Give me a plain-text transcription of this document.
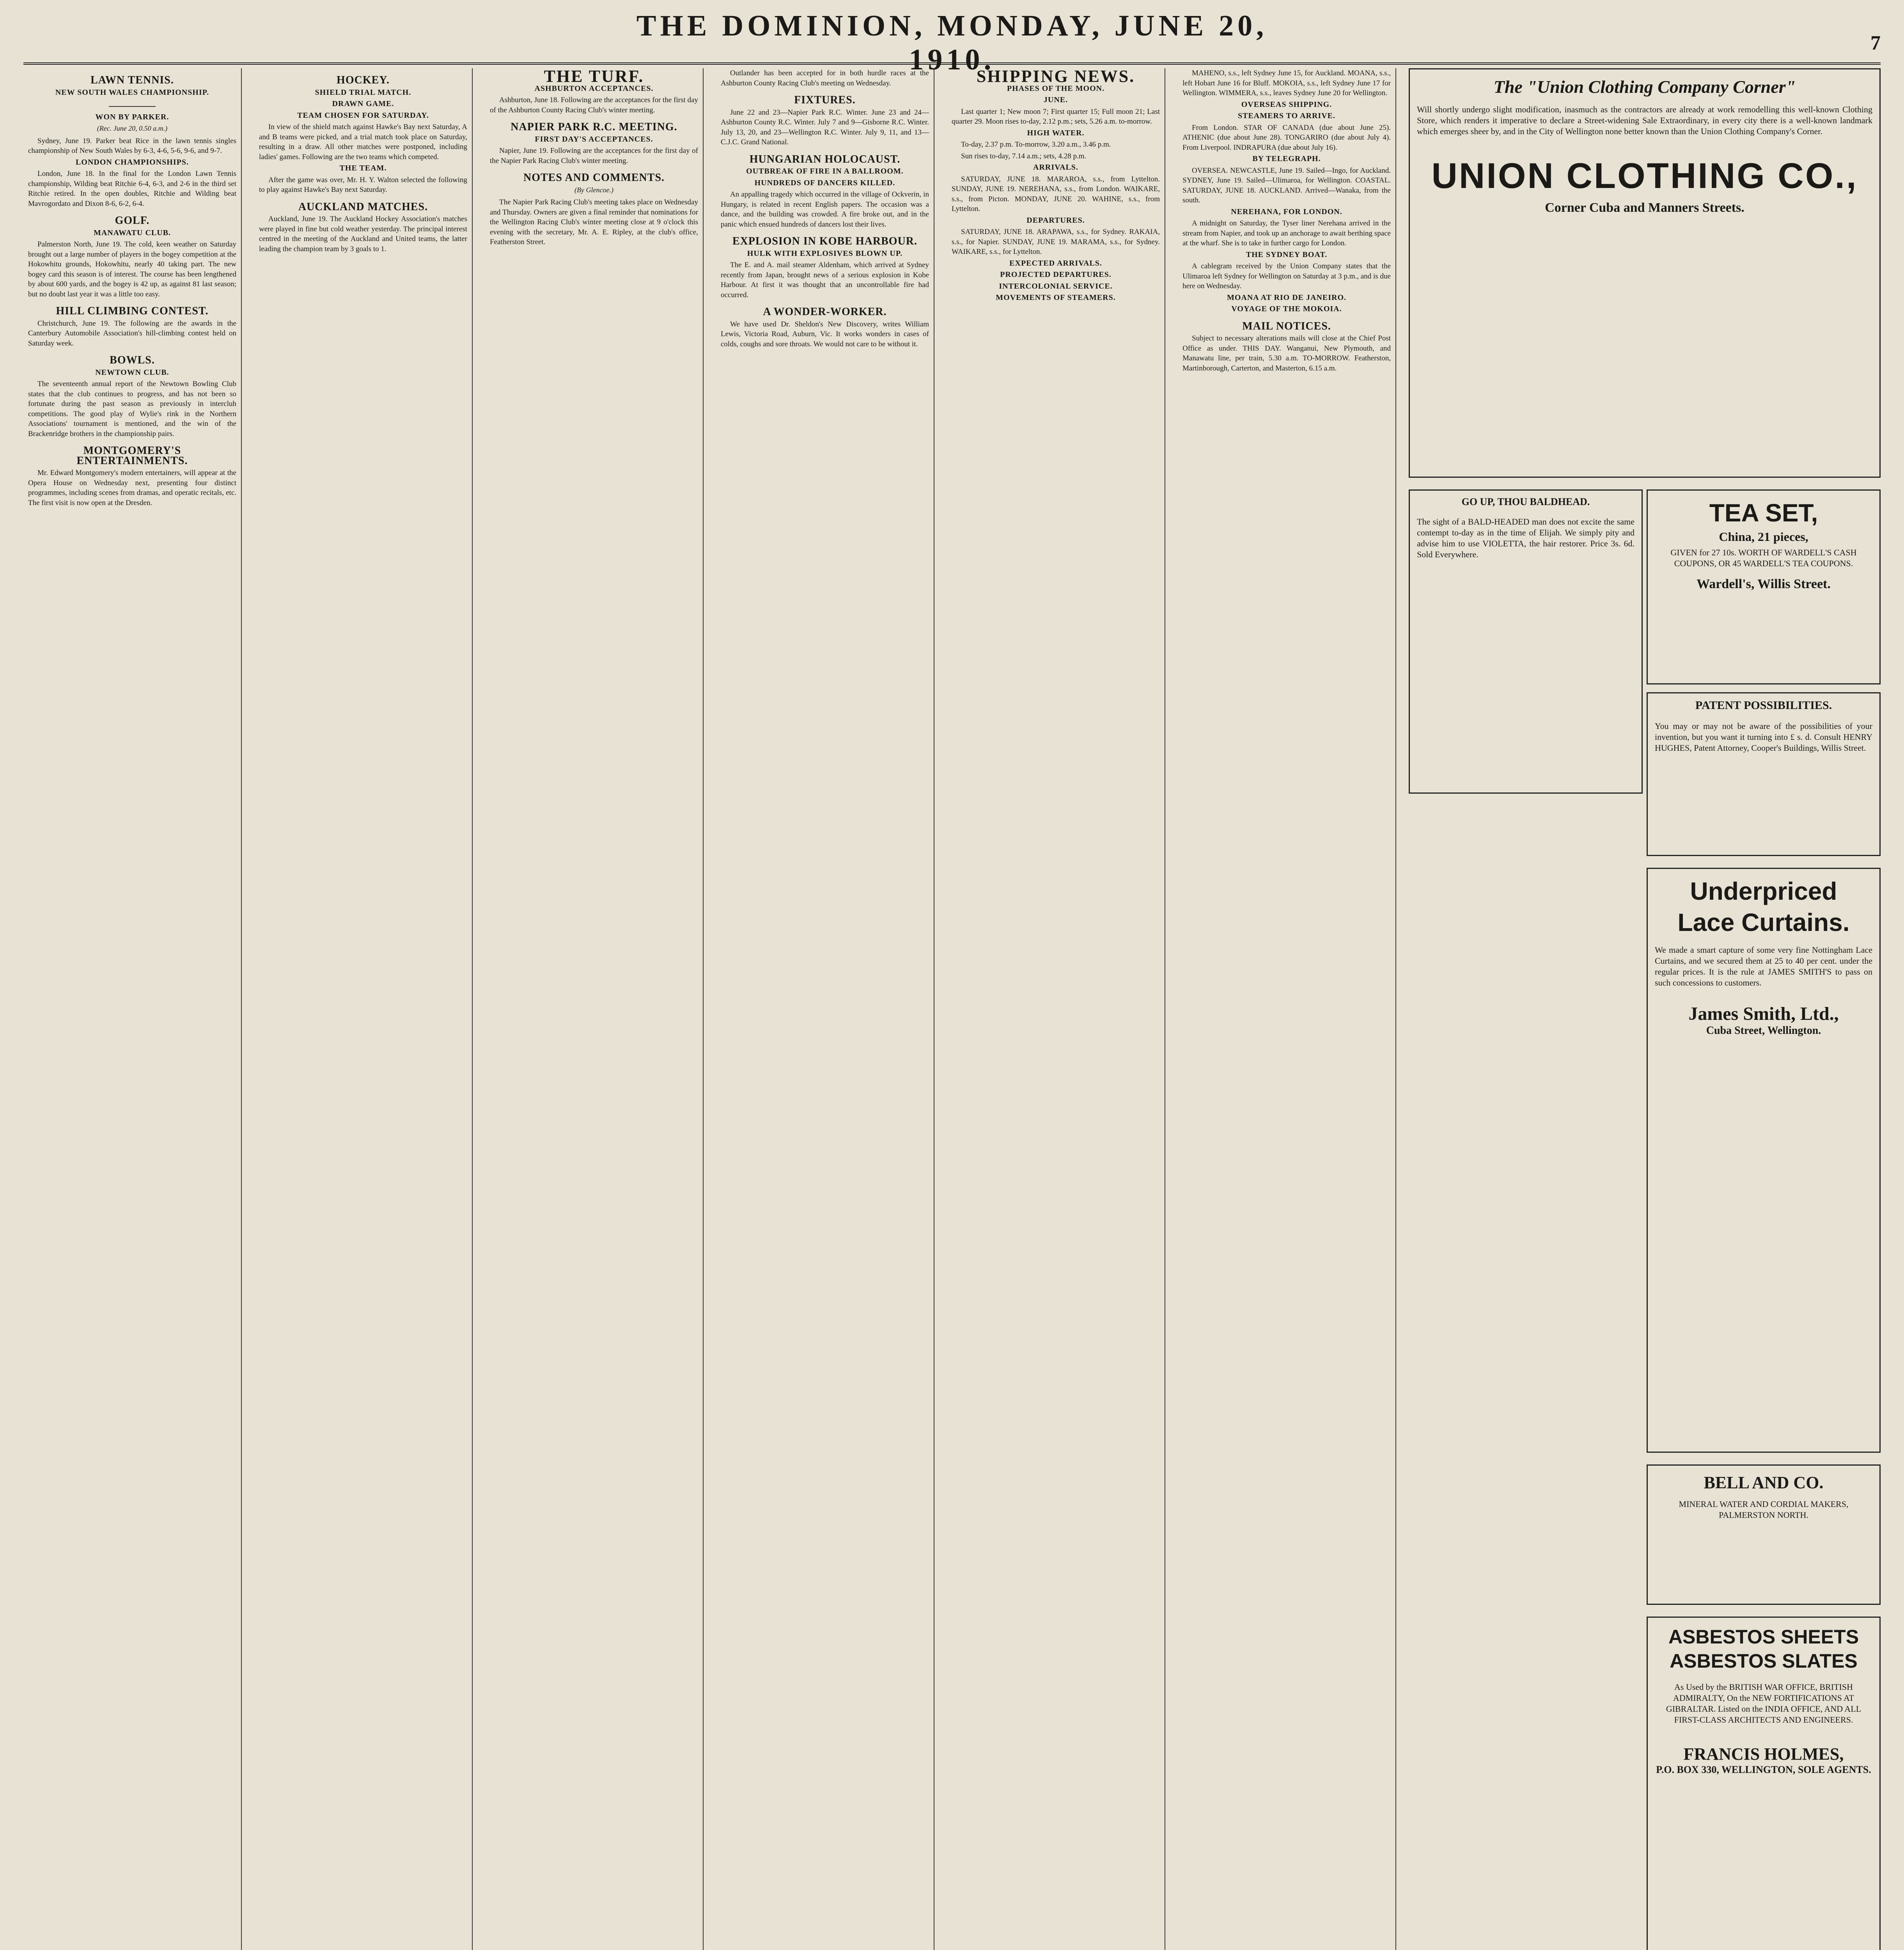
THE DOMINION, MONDAY, JUNE 20, 1910.
7
LAWN TENNIS.
NEW SOUTH WALES CHAMPIONSHIP.
WON BY PARKER.
(Rec. June 20, 0.50 a.m.)

Sydney, June 19. Parker beat Rice in the lawn tennis singles championship of New South Wales by 6-3, 4-6, 5-6, 9-6, and 9-7.

LONDON CHAMPIONSHIPS.

London, June 18. In the final for the London Lawn Tennis championship, Wilding beat Ritchie 6-4, 6-3, and 2-6 in the third set Ritchie retired. In the open doubles, Ritchie and Wilding beat Mavrogordato and Dixon 8-6, 6-2, 6-4.

GOLF.
MANAWATU CLUB.

Palmerston North, June 19. The cold, keen weather on Saturday brought out a large number of players in the bogey competition at the Hokowhitu grounds, Hokowhitu, nearly 40 taking part. The new bogey card this season is of interest. The course has been lengthened by about 600 yards, and the bogey is 42 up, as against 81 last season; but no doubt last year it was a little too easy.

HILL CLIMBING CONTEST.

Christchurch, June 19. The following are the awards in the Canterbury Automobile Association's hill-climbing contest held on Saturday week.

BOWLS.
NEWTOWN CLUB.

The seventeenth annual report of the Newtown Bowling Club states that the club continues to progress, and has not been so fortunate during the past season as previously in intercluh competitions. The good play of Wylie's rink in the Northern Associations' tournament is mentioned, and the win of the Brackenridge brothers in the championship pairs.

MONTGOMERY'S ENTERTAINMENTS.

Mr. Edward Montgomery's modern entertainers, will appear at the Opera House on Wednesday next, presenting four distinct programmes, including scenes from dramas, and operatic recitals, etc. The first visit is now open at the Dresden.

HOCKEY.
SHIELD TRIAL MATCH.
DRAWN GAME.
TEAM CHOSEN FOR SATURDAY.

In view of the shield match against Hawke's Bay next Saturday, A and B teams were picked, and a trial match took place on Saturday, resulting in a draw. All other matches were postponed, including ladies' games. Following are the two teams which competed.

THE TEAM.

After the game was over, Mr. H. Y. Walton selected the following to play against Hawke's Bay next Saturday.

AUCKLAND MATCHES.

Auckland, June 19. The Auckland Hockey Association's matches were played in fine but cold weather yesterday. The principal interest centred in the meeting of the Auckland and United teams, the latter leading the champion team by 3 goals to 1.

THE TURF.
ASHBURTON ACCEPTANCES.

Ashburton, June 18. Following are the acceptances for the first day of the Ashburton County Racing Club's winter meeting.

NAPIER PARK R.C. MEETING.
FIRST DAY'S ACCEPTANCES.

Napier, June 19. Following are the acceptances for the first day of the Napier Park Racing Club's winter meeting.

NOTES AND COMMENTS.
(By Glencoe.)

The Napier Park Racing Club's meeting takes place on Wednesday and Thursday. Owners are given a final reminder that nominations for the Wellington Racing Club's winter meeting close at 9 o'clock this evening with the secretary, Mr. A. E. Ripley, at the club's office, Featherston Street.

Outlander has been accepted for in both hurdle races at the Ashburton County Racing Club's meeting on Wednesday.

FIXTURES.

June 22 and 23—Napier Park R.C. Winter. June 23 and 24—Ashburton County R.C. Winter. July 7 and 9—Gisborne R.C. Winter. July 13, 20, and 23—Wellington R.C. Winter. July 9, 11, and 13—C.J.C. Grand National.

HUNGARIAN HOLOCAUST.
OUTBREAK OF FIRE IN A BALLROOM.
HUNDREDS OF DANCERS KILLED.

An appalling tragedy which occurred in the village of Ockverin, in Hungary, is related in recent English papers. The occasion was a dance, and the building was crowded. A fire broke out, and in the panic which ensued hundreds of dancers lost their lives.

EXPLOSION IN KOBE HARBOUR.
HULK WITH EXPLOSIVES BLOWN UP.

The E. and A. mail steamer Aldenham, which arrived at Sydney recently from Japan, brought news of a serious explosion in Kobe Harbour. At first it was thought that an uncontrollable fire had occurred.

A WONDER-WORKER.

We have used Dr. Sheldon's New Discovery, writes William Lewis, Victoria Road, Auburn, Vic. It works wonders in cases of colds, coughs and sore throats. We would not care to be without it.

SHIPPING NEWS.
PHASES OF THE MOON.
JUNE.

Last quarter 1; New moon 7; First quarter 15; Full moon 21; Last quarter 29. Moon rises to-day, 2.12 p.m.; sets, 5.26 a.m. to-morrow.

HIGH WATER.

To-day, 2.37 p.m. To-morrow, 3.20 a.m., 3.46 p.m.

Sun rises to-day, 7.14 a.m.; sets, 4.28 p.m.

ARRIVALS.

SATURDAY, JUNE 18. MARAROA, s.s., from Lyttelton. SUNDAY, JUNE 19. NEREHANA, s.s., from London. WAIKARE, s.s., from Picton. MONDAY, JUNE 20. WAHINE, s.s., from Lyttelton.

DEPARTURES.

SATURDAY, JUNE 18. ARAPAWA, s.s., for Sydney. RAKAIA, s.s., for Napier. SUNDAY, JUNE 19. MARAMA, s.s., for Sydney. WAIKARE, s.s., for Lyttelton.

EXPECTED ARRIVALS.
PROJECTED DEPARTURES.
INTERCOLONIAL SERVICE.
MOVEMENTS OF STEAMERS.

MAHENO, s.s., left Sydney June 15, for Auckland. MOANA, s.s., left Hobart June 16 for Bluff. MOKOIA, s.s., left Sydney June 17 for Wellington. WIMMERA, s.s., leaves Sydney June 20 for Wellington.

OVERSEAS SHIPPING.
STEAMERS TO ARRIVE.

From London. STAR OF CANADA (due about June 25). ATHENIC (due about June 28). TONGARIRO (due about July 4). From Liverpool. INDRAPURA (due about July 16).

BY TELEGRAPH.

OVERSEA. NEWCASTLE, June 19. Sailed—Ingo, for Auckland. SYDNEY, June 19. Sailed—Ulimaroa, for Wellington. COASTAL. SATURDAY, JUNE 18. AUCKLAND. Arrived—Wanaka, from the south.

NEREHANA, FOR LONDON.

A midnight on Saturday, the Tyser liner Nerehana arrived in the stream from Napier, and took up an anchorage to await berthing space at the wharf. She is to take in further cargo for London.

THE SYDNEY BOAT.

A cablegram received by the Union Company states that the Ulimaroa left Sydney for Wellington on Saturday at 3 p.m., and is due here on Wednesday.

MOANA AT RIO DE JANEIRO.
VOYAGE OF THE MOKOIA.
MAIL NOTICES.

Subject to necessary alterations mails will close at the Chief Post Office as under. THIS DAY. Wanganui, New Plymouth, and Manawatu line, per train, 5.30 a.m. TO-MORROW. Featherston, Martinborough, Carterton, and Masterton, 6.15 a.m.

The "Union Clothing Company Corner"
Will shortly undergo slight modification, inasmuch as the contractors are already at work remodelling this well-known Clothing Store, which renders it imperative to declare a Street-widening Sale Extraordinary, in every city there is a well-known landmark which emerges sheer by, and in the City of Wellington none better known than the Union Clothing Company's Corner.
UNION CLOTHING CO.,
Corner Cuba and Manners Streets.
GO UP, THOU BALDHEAD.
The sight of a BALD-HEADED man does not excite the same contempt to-day as in the time of Elijah. We simply pity and advise him to use VIOLETTA, the hair restorer. Price 3s. 6d. Sold Everywhere.
TEA SET,
China, 21 pieces,
GIVEN for 27 10s. WORTH OF WARDELL'S CASH COUPONS, OR 45 WARDELL'S TEA COUPONS.
Wardell's, Willis Street.
PATENT POSSIBILITIES.
You may or may not be aware of the possibilities of your invention, but you want it turning into £ s. d. Consult HENRY HUGHES, Patent Attorney, Cooper's Buildings, Willis Street.
Underpriced
Lace Curtains.
We made a smart capture of some very fine Nottingham Lace Curtains, and we secured them at 25 to 40 per cent. under the regular prices. It is the rule at JAMES SMITH'S to pass on such concessions to customers.
James Smith, Ltd.,
Cuba Street, Wellington.
BELL AND CO.
MINERAL WATER AND CORDIAL MAKERS, PALMERSTON NORTH.
ASBESTOS SHEETS
ASBESTOS SLATES
As Used by the BRITISH WAR OFFICE, BRITISH ADMIRALTY, On the NEW FORTIFICATIONS AT GIBRALTAR. Listed on the INDIA OFFICE, AND ALL FIRST-CLASS ARCHITECTS AND ENGINEERS.
FRANCIS HOLMES,
P.O. BOX 330, WELLINGTON, SOLE AGENTS.
